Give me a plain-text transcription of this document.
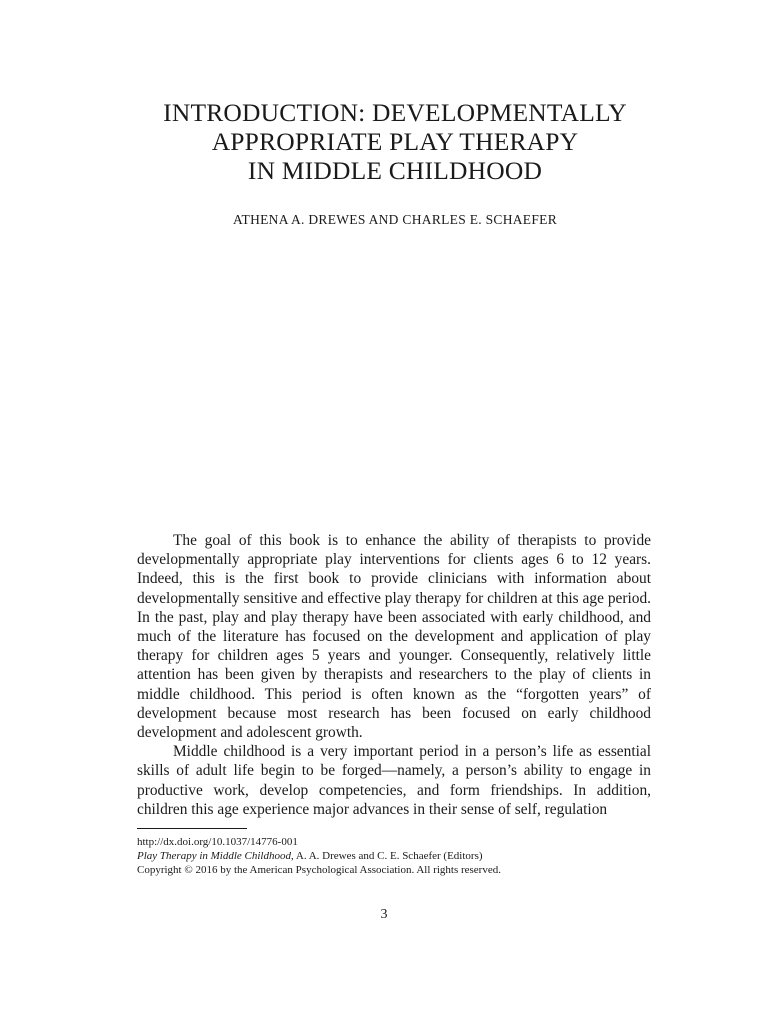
INTRODUCTION: DEVELOPMENTALLY
APPROPRIATE PLAY THERAPY
IN MIDDLE CHILDHOOD
ATHENA A. DREWES AND CHARLES E. SCHAEFER

The goal of this book is to enhance the ability of therapists to provide developmentally appropriate play interventions for clients ages 6 to 12 years. Indeed, this is the first book to provide clinicians with information about developmentally sensitive and effective play therapy for children at this age period. In the past, play and play therapy have been associated with early childhood, and much of the literature has focused on the development and application of play therapy for children ages 5 years and younger. Consequently, relatively little attention has been given by therapists and researchers to the play of clients in middle childhood. This period is often known as the “forgotten years” of development because most research has been focused on early childhood development and adolescent growth.

Middle childhood is a very important period in a person’s life as essential skills of adult life begin to be forged—namely, a person’s ability to engage in productive work, develop competencies, and form friendships. In addition, children this age experience major advances in their sense of self, regulation

http://dx.doi.org/10.1037/14776-001
Play Therapy in Middle Childhood, A. A. Drewes and C. E. Schaefer (Editors)
Copyright © 2016 by the American Psychological Association. All rights reserved.
3
